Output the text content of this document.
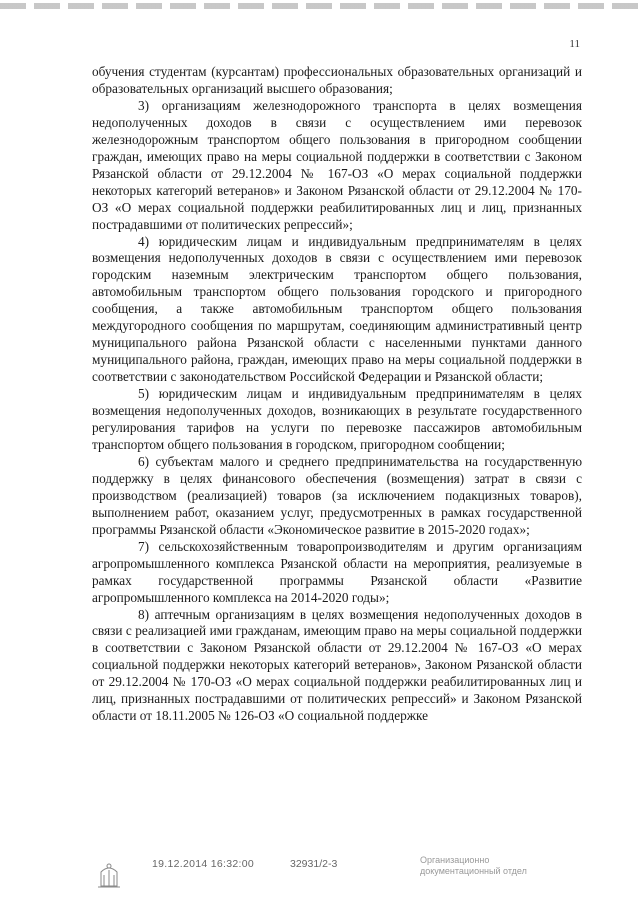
11

обучения студентам (курсантам) профессиональных образовательных организаций и образовательных организаций высшего образования;

3) организациям железнодорожного транспорта в целях возмещения недополученных доходов в связи с осуществлением ими перевозок железнодорожным транспортом общего пользования в пригородном сообщении граждан, имеющих право на меры социальной поддержки в соответствии с Законом Рязанской области от 29.12.2004 № 167-ОЗ «О мерах социальной поддержки некоторых категорий ветеранов» и Законом Рязанской области от 29.12.2004 № 170-ОЗ «О мерах социальной поддержки реабилитированных лиц и лиц, признанных пострадавшими от политических репрессий»;

4) юридическим лицам и индивидуальным предпринимателям в целях возмещения недополученных доходов в связи с осуществлением ими перевозок городским наземным электрическим транспортом общего пользования, автомобильным транспортом общего пользования городского и пригородного сообщения, а также автомобильным транспортом общего пользования междугородного сообщения по маршрутам, соединяющим административный центр муниципального района Рязанской области с населенными пунктами данного муниципального района, граждан, имеющих право на меры социальной поддержки в соответствии с законодательством Российской Федерации и Рязанской области;

5) юридическим лицам и индивидуальным предпринимателям в целях возмещения недополученных доходов, возникающих в результате государственного регулирования тарифов на услуги по перевозке пассажиров автомобильным транспортом общего пользования в городском, пригородном сообщении;

6) субъектам малого и среднего предпринимательства на государственную поддержку в целях финансового обеспечения (возмещения) затрат в связи с производством (реализацией) товаров (за исключением подакцизных товаров), выполнением работ, оказанием услуг, предусмотренных в рамках государственной программы Рязанской области «Экономическое развитие в 2015-2020 годах»;

7) сельскохозяйственным товаропроизводителям и другим организациям агропромышленного комплекса Рязанской области на мероприятия, реализуемые в рамках государственной программы Рязанской области «Развитие агропромышленного комплекса на 2014-2020 годы»;

8) аптечным организациям в целях возмещения недополученных доходов в связи с реализацией ими гражданам, имеющим право на меры социальной поддержки в соответствии с Законом Рязанской области от 29.12.2004 № 167-ОЗ «О мерах социальной поддержки некоторых категорий ветеранов», Законом Рязанской области от 29.12.2004 № 170-ОЗ «О мерах социальной поддержки реабилитированных лиц и лиц, признанных пострадавшими от политических репрессий» и Законом Рязанской области от 18.11.2005 № 126-ОЗ «О социальной поддержке

19.12.2014 16:32:00	32931/2-3	Организационно
документационный отдел
